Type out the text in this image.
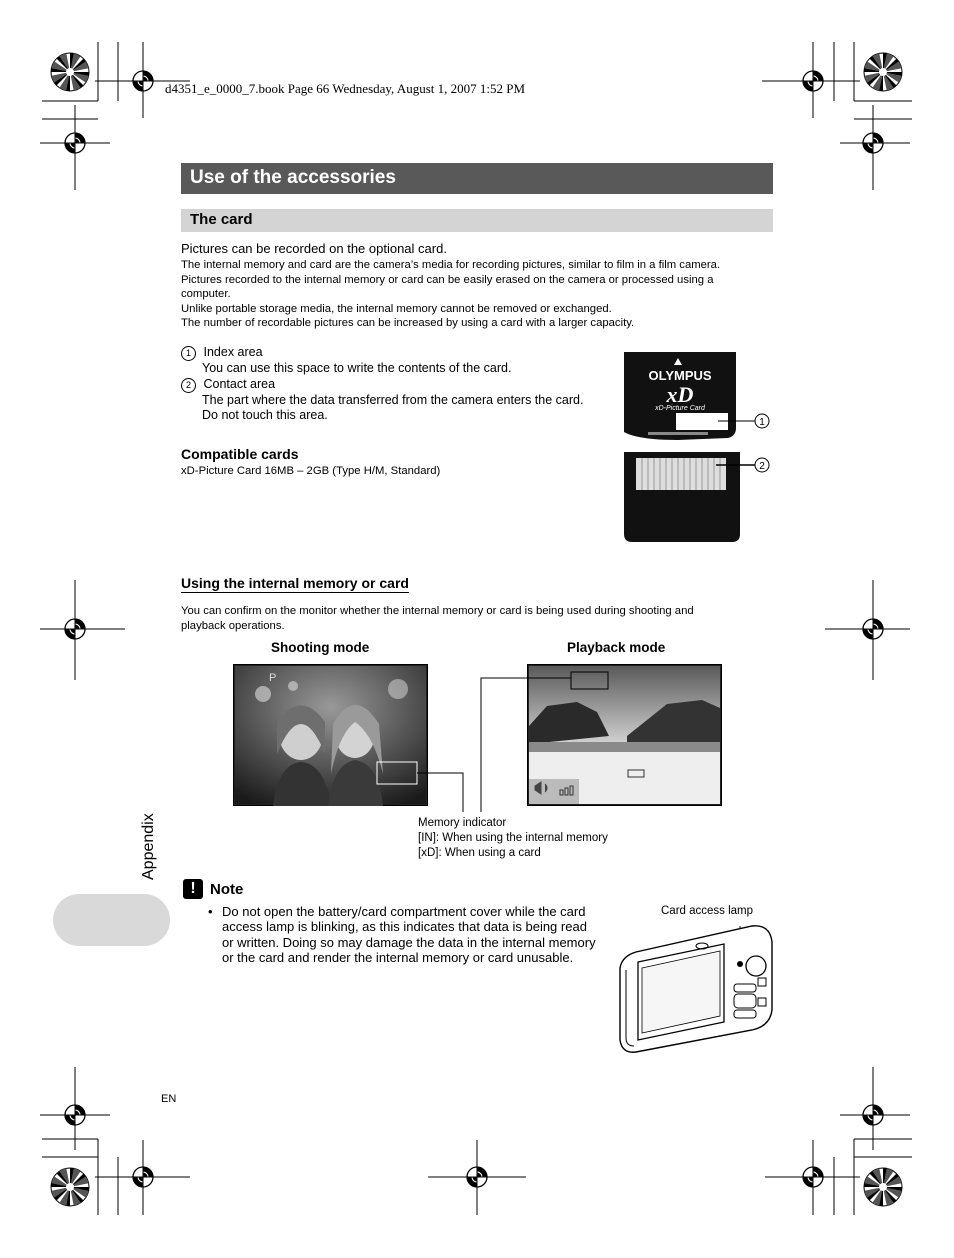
d4351_e_0000_7.book Page 66 Wednesday, August 1, 2007 1:52 PM
Use of the accessories
The card
Pictures can be recorded on the optional card.
The internal memory and card are the camera’s media for recording pictures, similar to film in a film camera.
Pictures recorded to the internal memory or card can be easily erased on the camera or processed using a
computer.
Unlike portable storage media, the internal memory cannot be removed or exchanged.
The number of recordable pictures can be increased by using a card with a larger capacity.
1 Index area
You can use this space to write the contents of the card.
2 Contact area
The part where the data transferred from the camera enters the card.
Do not touch this area.
OLYMPUS
xD
xD-Picture Card
1
2
Compatible cards
xD-Picture Card 16MB – 2GB (Type H/M, Standard)
Using the internal memory or card
You can confirm on the monitor whether the internal memory or card is being used during shooting and
playback operations.
Shooting mode	Playback mode
P
Memory indicator
[IN]: When using the internal memory
[xD]: When using a card
Appendix
! Note
• Do not open the battery/card compartment cover while the card
access lamp is blinking, as this indicates that data is being read
or written. Doing so may damage the data in the internal memory
or the card and render the internal memory or card unusable.
Card access lamp
EN
